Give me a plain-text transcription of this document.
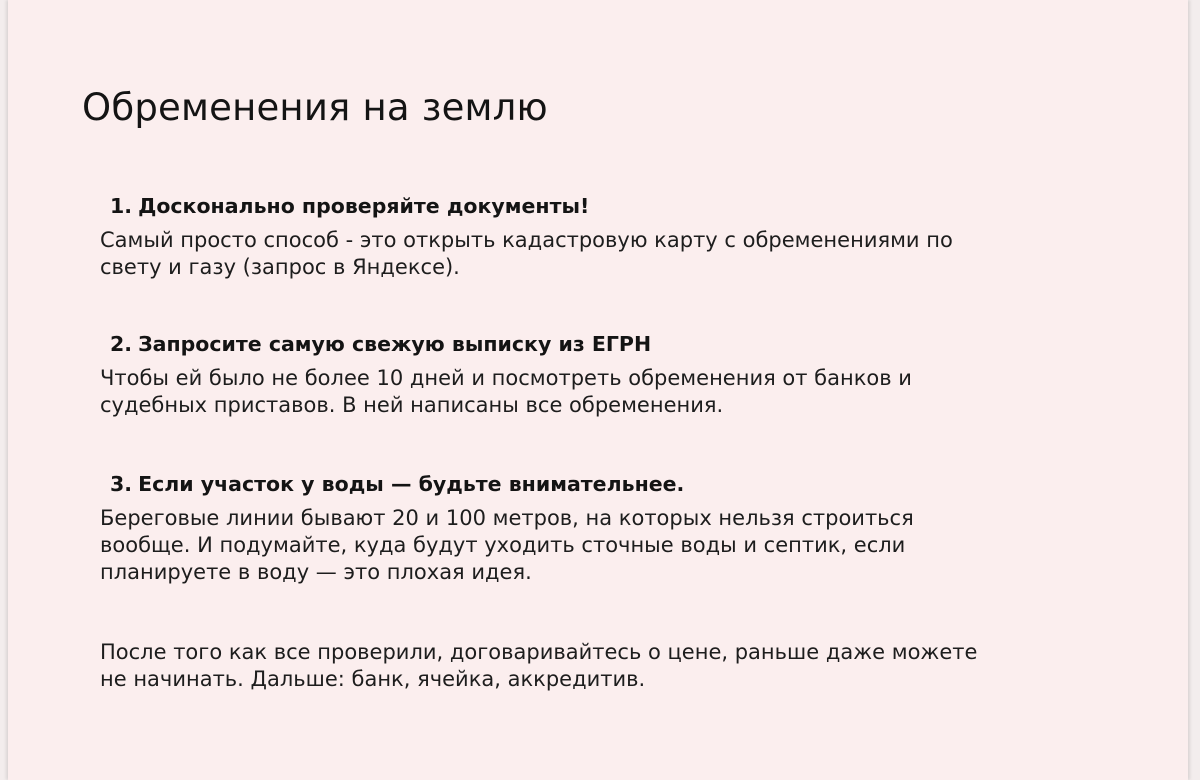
Обременения на землю

1. Досконально проверяйте документы!

Самый просто способ - это открыть кадастровую карту с обременениями по
свету и газу (запрос в Яндексе).

2. Запросите самую свежую выписку из ЕГРН

Чтобы ей было не более 10 дней и посмотреть обременения от банков и
судебных приставов. В ней написаны все обременения.

3. Если участок у воды — будьте внимательнее.

Береговые линии бывают 20 и 100 метров, на которых нельзя строиться
вообще. И подумайте, куда будут уходить сточные воды и септик, если
планируете в воду — это плохая идея.

После того как все проверили, договаривайтесь о цене, раньше даже можете
не начинать. Дальше: банк, ячейка, аккредитив.
